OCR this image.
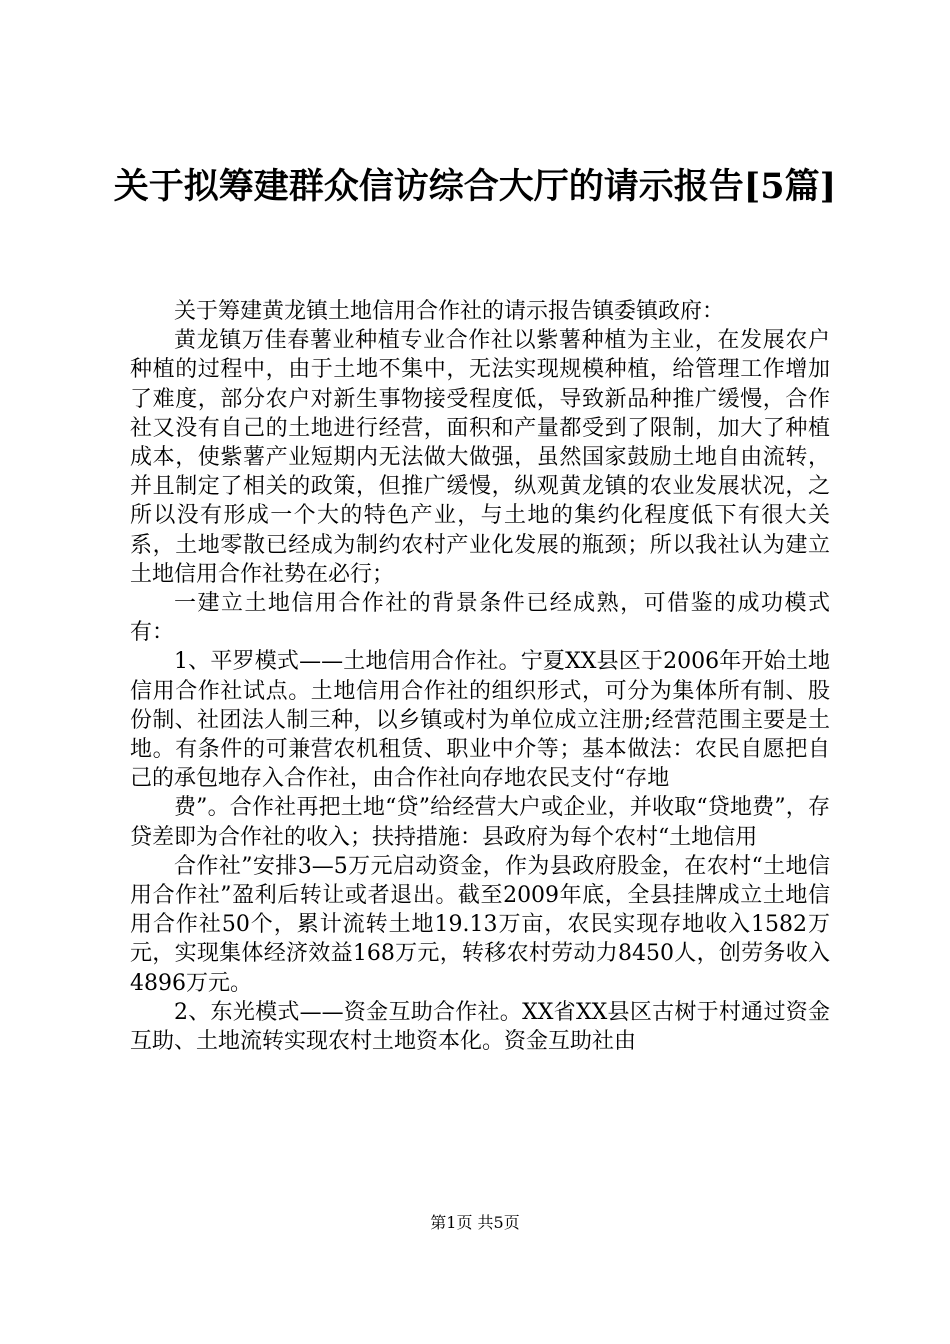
关于拟筹建群众信访综合大厅的请示报告[5篇]

关于筹建黄龙镇土地信用合作社的请示报告镇委镇政府：

黄龙镇万佳春薯业种植专业合作社以紫薯种植为主业，在发展农户种植的过程中，由于土地不集中，无法实现规模种植，给管理工作增加了难度，部分农户对新生事物接受程度低，导致新品种推广缓慢，合作社又没有自己的土地进行经营，面积和产量都受到了限制，加大了种植成本，使紫薯产业短期内无法做大做强，虽然国家鼓励土地自由流转，并且制定了相关的政策，但推广缓慢，纵观黄龙镇的农业发展状况，之所以没有形成一个大的特色产业，与土地的集约化程度低下有很大关系，土地零散已经成为制约农村产业化发展的瓶颈；所以我社认为建立土地信用合作社势在必行；

一建立土地信用合作社的背景条件已经成熟，可借鉴的成功模式有：

1、平罗模式——土地信用合作社。宁夏XX县区于2006年开始土地信用合作社试点。土地信用合作社的组织形式，可分为集体所有制、股份制、社团法人制三种，以乡镇或村为单位成立注册;经营范围主要是土地。有条件的可兼营农机租赁、职业中介等；基本做法：农民自愿把自己的承包地存入合作社，由合作社向存地农民支付“存地

费”。合作社再把土地“贷”给经营大户或企业，并收取“贷地费”，存贷差即为合作社的收入；扶持措施：县政府为每个农村“土地信用

合作社”安排3—5万元启动资金，作为县政府股金，在农村“土地信用合作社”盈利后转让或者退出。截至2009年底，全县挂牌成立土地信用合作社50个，累计流转土地19.13万亩，农民实现存地收入1582万元，实现集体经济效益168万元，转移农村劳动力8450人，创劳务收入4896万元。

2、东光模式——资金互助合作社。XX省XX县区古树于村通过资金互助、土地流转实现农村土地资本化。资金互助社由

第1页 共5页
